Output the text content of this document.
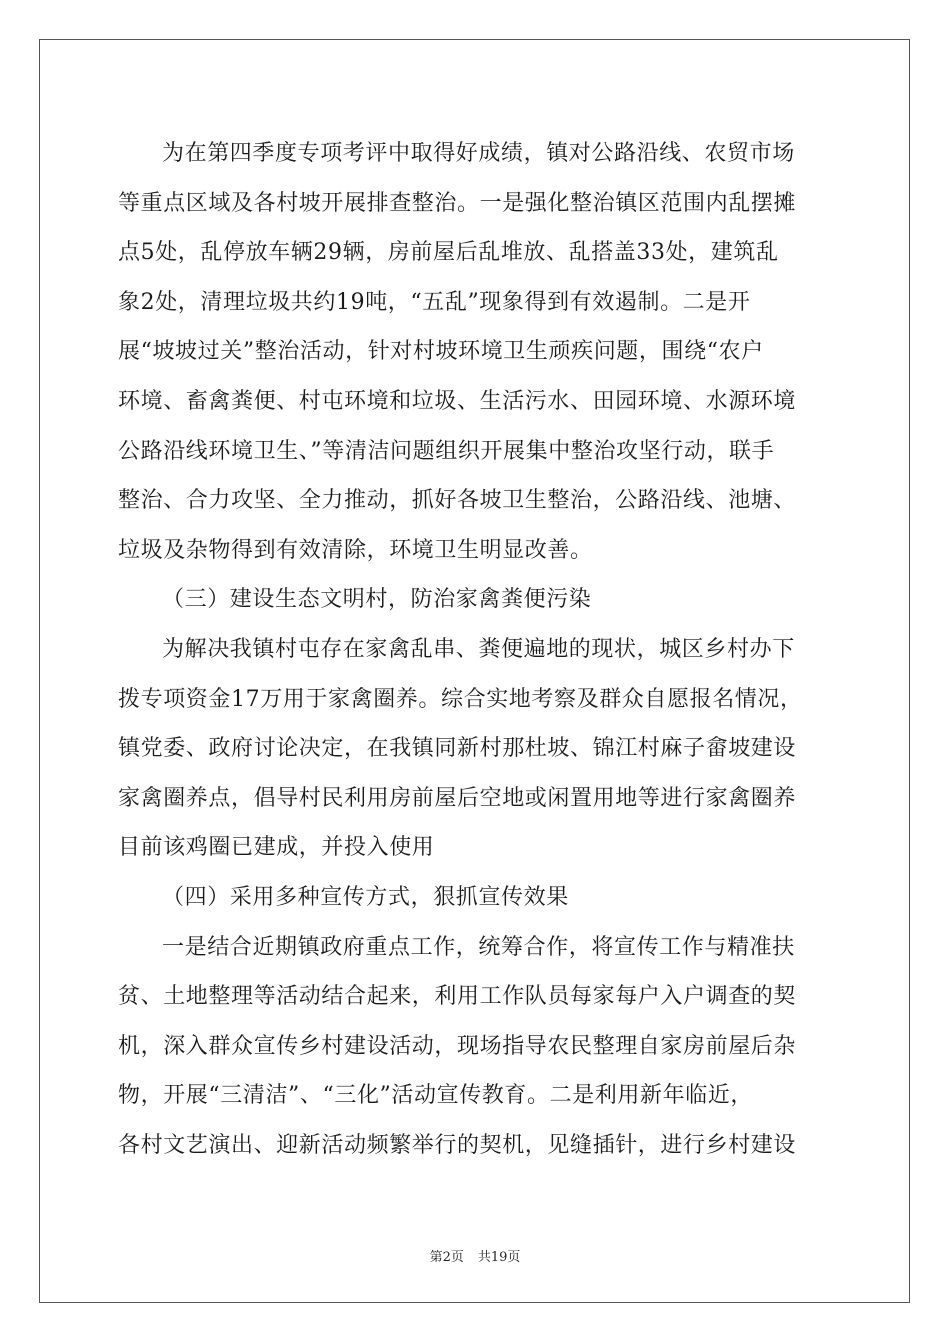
为在第四季度专项考评中取得好成绩，镇对公路沿线、农贸市场
等重点区域及各村坡开展排查整治。一是强化整治镇区范围内乱摆摊
点5处，乱停放车辆29辆，房前屋后乱堆放、乱搭盖33处，建筑乱
象2处，清理垃圾共约19吨，“五乱”现象得到有效遏制。二是开
展“坡坡过关”整治活动，针对村坡环境卫生顽疾问题，围绕“农户
环境、畜禽粪便、村屯环境和垃圾、生活污水、田园环境、水源环境
公路沿线环境卫生、”等清洁问题组织开展集中整治攻坚行动，联手
整治、合力攻坚、全力推动，抓好各坡卫生整治，公路沿线、池塘、
垃圾及杂物得到有效清除，环境卫生明显改善。
（三）建设生态文明村，防治家禽粪便污染
为解决我镇村屯存在家禽乱串、粪便遍地的现状，城区乡村办下
拨专项资金17万用于家禽圈养。综合实地考察及群众自愿报名情况，
镇党委、政府讨论决定，在我镇同新村那杜坡、锦江村麻子畲坡建设
家禽圈养点，倡导村民利用房前屋后空地或闲置用地等进行家禽圈养
目前该鸡圈已建成，并投入使用
（四）采用多种宣传方式，狠抓宣传效果
一是结合近期镇政府重点工作，统筹合作，将宣传工作与精准扶
贫、土地整理等活动结合起来，利用工作队员每家每户入户调查的契
机，深入群众宣传乡村建设活动，现场指导农民整理自家房前屋后杂
物，开展“三清洁”、“三化”活动宣传教育。二是利用新年临近，
各村文艺演出、迎新活动频繁举行的契机，见缝插针，进行乡村建设
第2页 共19页
